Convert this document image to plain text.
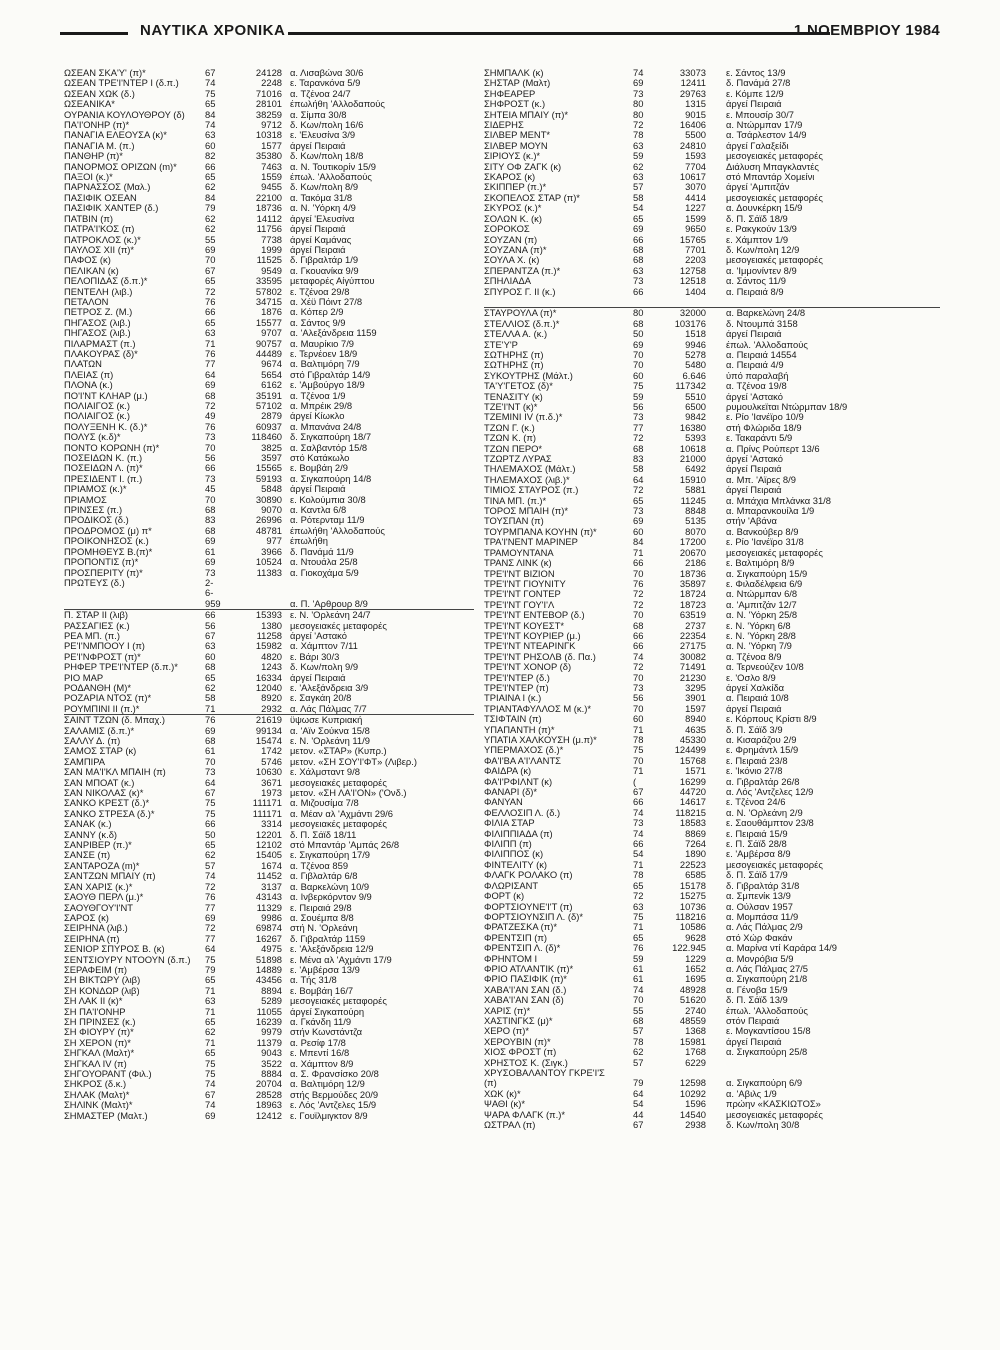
ΝΑΥΤΙΚΑ ΧΡΟΝΙΚΑ	1 ΝΟΕΜΒΡΙΟΥ 1984
ΩΣΕΑΝ ΣΚΑ'Υ' (π)*	67	24128 α. Λισαβώνα 30/6
ΩΣΕΑΝ ΤΡΕ'Ι'ΝΤΕΡ Ι (δ.π.)	74	2248 ε. Ταρανκόνα 5/9
ΩΣΕΑΝ ΧΩΚ (δ.)	75	71016 α. Τζένοα 24/7
ΩΣΕΑΝΙΚΑ*	65	28101 έπωλήθη 'Αλλοδαπούς
ΟΥΡΑΝΙΑ ΚΟΥΛΟΥΘΡΟΥ (δ)	84	38259 α. Σίμπα 30/8
ΠΑ'Ι'ΟΝΗΡ (π)*	74	9712 δ. Κων/πολη 16/6
ΠΑΝΑΓΙΑ ΕΛΕΟΥΣΑ (κ)*	63	10318 ε. 'Ελευσίνα 3/9
ΠΑΝΑΓΙΑ Μ. (π.)	60	1577 άργεί Πειραιά
ΠΑΝΘΗΡ (π)*	82	35380 δ. Κων/πολη 18/8
ΠΑΝΟΡΜΟΣ ΟΡΙΖΩΝ (m)*	66	7463 α. Ν. Τουτικορίν 15/9
ΠΑΞΟΙ (κ.)*	65	1559 έπωλ. 'Αλλοδαπούς
ΠΑΡΝΑΣΣΟΣ (Μαλ.)	62	9455 δ. Κων/πολη 8/9
ΠΑΣΙΦΙΚ ΟΣΕΑΝ	84	22100 α. Τακόμα 31/8
ΠΑΣΙΦΙΚ ΧΑΝΤΕΡ (δ.)	79	18736 α. Ν. 'Υόρκη 4/9
ΠΑΤΒΙΝ (π)	62	14112 άργεί 'Ελευσίνα
ΠΑΤΡΑ'Ι'ΚΟΣ (π)	62	11756 άργεί Πειραιά
ΠΑΤΡΟΚΛΟΣ (κ.)*	55	7738 άργεί Καμάνας
ΠΑΥΛΟΣ ΧΙΙ (π)*	69	1999 άργεί Πειραιά
ΠΑΦΟΣ (κ)	70	11525 δ. Γιβραλτάρ 1/9
ΠΕΛΙΚΑΝ (κ)	67	9549 α. Γκουανίκα 9/9
ΠΕΛΟΠΙΔΑΣ (δ.π.)*	65	33595 μεταφορές Αίγύπτου
ΠΕΝΤΕΛΗ (λιβ.)	72	57802 ε. Τζένοα 29/8
ΠΕΤΑΛΟΝ	76	34715 α. Χέϋ Πόιντ 27/8
ΠΕΤΡΟΣ Ζ. (Μ.)	66	1876 α. Κόπερ 2/9
ΠΗΓΑΣΟΣ (λιβ.)	65	15577 α. Σάντος 9/9
ΠΗΓΑΣΟΣ (λιβ.)	63	9707 α. 'Αλεξάνδρεια 1159
ΠΙΛΑΡΜΑΣΤ (π.)	71	90757 α. Μαυρίκιο 7/9
ΠΛΑΚΟΥΡΑΣ (δ)*	76	44489 ε. Τερνέοεν 18/9
ΠΛΑΤΩΝ	77	9674 α. Βαλτιμόρη 7/9
ΠΛΕΙΑΣ (π)	64	5654 στό Γιβραλτάρ 14/9
ΠΛΟΝΑ (κ.)	69	6162 ε. 'Αμβούργο 18/9
ΠΟ'Ι'ΝΤ ΚΛΗΑΡ (μ.)	68	35191 α. Τζένοα 1/9
ΠΟΛΙΑΙΓΟΣ (κ.)	72	57102 α. Μπρέικ 29/8
ΠΟΛΙΑΙΓΟΣ (κ.)	49	2879 άργεί Κίωκλο
ΠΟΛΥΞΕΝΗ Κ. (δ.)*	76	60937 α. Μπανάνα 24/8
ΠΟΛΥΣ (κ.δ)*	73	118460 δ. Σιγκαπούρη 18/7
ΠΟΝΤΟ ΚΟΡΩΝΗ (π)*	70	3825 α. Σαλβαντόρ 15/8
ΠΟΣΕΙΔΩΝ Κ. (π.)	56	3597 στό Κατάκωλο
ΠΟΣΕΙΔΩΝ Λ. (π)*	66	15565 ε. Βομβάη 2/9
ΠΡΕΣΙΔΕΝΤ Ι. (π.)	73	59193 α. Σιγκαπούρη 14/8
ΠΡΙΑΜΟΣ (κ.)*	45	5848 άργεί Πειραιά
ΠΡΙΑΜΟΣ	70	30890 ε. Κολούμπια 30/8
ΠΡΙΝΣΕΣ (π.)	68	9070 α. Καντλα 6/8
ΠΡΟΔΙΚΟΣ (δ.)	83	26996 α. Ρότερνταμ 11/9
ΠΡΟΔΡΟΜΟΣ (μ) π*	68	48781 έπωλήθη 'Αλλοδαπούς
ΠΡΟΙΚΟΝΗΣΟΣ (κ.)	69	977 έπωλήθη
ΠΡΟΜΗΘΕΥΣ Β.(π)*	61	3966 δ. Πανάμά 11/9
ΠΡΟΠΟΝΤΙΣ (π)*	69	10524 α. Ντουάλα 25/8
ΠΡΟΣΠΕΡΙΤΥ (π)*	73	11383 α. Γιοκοχάμα 5/9
ΠΡΩΤΕΥΣ (δ.)	2-
6-
959	α. Π. 'Αρθρουρ 8/9
Π. ΣΤΑΡ ΙΙ (λιβ)	66	15393 ε. Ν. 'Ορλεάνη 24/7
ΡΑΣΣΑΓΙΕΣ (κ.)	56	1380 μεσογειακές μεταφορές
ΡΕΑ ΜΠ. (π.)	67	11258 άργεί 'Αστακό
ΡΕ'Ι'ΝΜΠΟΟΥ Ι (π)	63	15982 α. Χάμπτον 7/11
ΡΕ'Ι'ΝΦΡΟΣΤ (π)*	60	4820 ε. Βάρι 30/3
ΡΗΦΕΡ ΤΡΕ'Ι'ΝΤΕΡ (δ.π.)*	68	1243 δ. Κων/πολη 9/9
ΡΙΟ ΜΑΡ	65	16334 άργεί Πειραιά
ΡΟΔΑΝΘΗ (Μ)*	62	12040 ε. 'Αλεξάνδρεια 3/9
ΡΟΖΑΡΙΑ ΝΤΟΣ (π)*	58	8920 ε. Σαγκάη 20/8
ΡΟΥΜΠΙΝΙ ΙΙ (π.)*	71	2932 α. Λάς Πάλμας 7/7
ΣΑΙΝΤ ΤΖΩΝ (δ. Μπαχ.)	76	21619 ϋψωσε Κυπριακή
ΣΑΛΑΜΙΣ (δ.π.)*	69	99134 α. 'Αϊν Σούκνα 15/8
ΣΑΛΛΥ Δ. (π)	68	15474 ε. Ν. 'Ορλεάνη 11/9
ΣΑΜΟΣ ΣΤΑΡ (κ)	61	1742 μετον. «ΣΤΑΡ» (Κυπρ.)
ΣΑΜΠΙΡΑ	70	5746 μετον. «ΣΗ ΣΟΥ'Ι'ΦΤ» (Λιβερ.)
ΣΑΝ ΜΑ'Ι'ΚΛ ΜΠΑΙΗ (π)	73	10630 ε. Χάλμσταντ 9/8
ΣΑΝ ΜΠΟΑΤ (κ.)	64	3671 μεσογειακές μεταφορές
ΣΑΝ ΝΙΚΟΛΑΣ (κ)*	67	1973 μετον. «ΣΗ ΛΑ'Ι'ΟΝ» ('Ονδ.)
ΣΑΝΚΟ ΚΡΕΣΤ (δ.)*	75	111171 α. Μιζουσίμα 7/8
ΣΑΝΚΟ ΣΤΡΕΣΑ (δ.)*	75	111171 α. Μέαν αλ 'Αχμάντι 29/6
ΣΑΝΑΚ (κ.)	66	3314 μεσογειακές μεταφορές
ΣΑΝΝΥ (κ.δ)	50	12201 δ. Π. Σάϊδ 18/11
ΣΑΝΡΙΒΕΡ (π.)*	65	12102 στό Μπαντάρ 'Αμπάς 26/8
ΣΑΝΣΕ (π)	62	15405 ε. Σιγκαπούρη 17/9
ΣΑΝΤΑΡΟΖΑ (m)*	57	1674 α. Τζένοα 859
ΣΑΝΤΖΩΝ ΜΠΑΙΥ (π)	74	11452 α. Γιβλαλτάρ 6/8
ΣΑΝ ΧΑΡΙΣ (κ.)*	72	3137 α. Βαρκελώνη 10/9
ΣΑΟΥΘ ΠΕΡΛ (μ.)*	76	43143 α. Ινβερκόρντον 9/9
ΣΑΟΥΘΓΟΥ'Ι'ΝΤ	77	11329 ε. Πειραιά 29/8
ΣΑΡΟΣ (κ)	69	9986 α. Σουέμπα 8/8
ΣΕΙΡΗΝΑ (λιβ.)	72	69874 στή Ν. 'Ορλεάνη
ΣΕΙΡΗΝΑ (π)	77	16267 δ. Γιβραλτάρ 1159
ΣΕΝΙΟΡ ΣΠΥΡΟΣ Β. (κ)	64	4975 ε. 'Αλεξάνδρεια 12/9
ΣΕΝΤΣΙΟΥΡΥ ΝΤΟΟΥΝ (δ.π.)	75	51898 ε. Μένα αλ 'Αχμάντι 17/9
ΣΕΡΑΦΕΙΜ (π)	79	14889 ε. 'Αμβέρσα 13/9
ΣΗ ΒΙΚΤΩΡΥ (λιβ)	65	43456 α. Τής 31/8
ΣΗ ΚΟΝΔΩΡ (λιβ)	71	8894 ε. Βομβάη 16/7
ΣΗ ΛΑΚ ΙΙ (κ)*	63	5289 μεσογειακές μεταφορές
ΣΗ ΠΑ'Ι'ΟΝΗΡ	71	11055 άργεί Σιγκαπούρη
ΣΗ ΠΡΙΝΣΕΣ (κ.)	65	16239 α. Γκάνδη 11/9
ΣΗ ΦΙΟΥΡΥ (π)*	62	9979 στήν Κωνστάντζα
ΣΗ ΧΕΡΟΝ (π)*	71	11379 α. Ρεσίφ 17/8
ΣΗΓΚΑΛ (Μαλτ)*	65	9043 ε. Μπεντί 16/8
ΣΗΓΚΑΛ ΙV (π)	75	3522 α. Χάμπτον 8/9
ΣΗΓΟΥΟΡΑΝΤ (Φιλ.)	75	8884 α. Σ. Φρανσίσκο 20/8
ΣΗΚΡΟΣ (δ.κ.)	74	20704 α. Βαλτιμόρη 12/9
ΣΗΛΑΚ (Μαλτ)*	67	28528 στής Βερμούδες 20/9
ΣΗΛΙΝΚ (Μαλτ)*	74	18963 ε. Λός 'Αντζελες 15/9
ΣΗΜΑΣΤΕΡ (Μαλτ.)	69	12412 ε. Γουϊλμιγκτον 8/9
ΣΗΜΠΑΛΚ (κ)	74	33073 ε. Σάντος 13/9
ΣΗΣΤΑΡ (Μαλτ)	69	12411 δ. Πανάμά 27/8
ΣΗΦΕΑΡΕΡ	73	29763 ε. Κόμπε 12/9
ΣΗΦΡΟΣΤ (κ.)	80	1315 άργεί Πειραιά
ΣΗΤΕΙΑ ΜΠΑΙΥ (π)*	80	9015 ε. Μπουσίρ 30/7
ΣΙΔΕΡΗΣ	72	16406 α. Ντώρμπαν 17/9
ΣΙΛΒΕΡ ΜΕΝΤ*	78	5500 α. Τσάρλεστον 14/9
ΣΙΛΒΕΡ ΜΟΥΝ	63	24810 άργεί Γαλαξείδι
ΣΙΡΙΟΥΣ (κ.)*	59	1593 μεσογειακές μεταφορές
ΣΙΤΥ ΟΦ ΖΑΓΚ (κ)	62	7704 Διάλυση Μπαγκλαντές
ΣΚΑΡΟΣ (κ)	63	10617 στό Μπαντάρ Χομείνι
ΣΚΙΠΠΕΡ (π.)*	57	3070 άργεί 'Αμπιτζάν
ΣΚΟΠΕΛΟΣ ΣΤΑΡ (π)*	58	4414 μεσογειακές μεταφορές
ΣΚΥΡΟΣ (κ.)*	54	1227 α. Δουνκέρκη 15/9
ΣΟΛΩΝ Κ. (κ)	65	1599 δ. Π. Σάϊδ 18/9
ΣΟΡΟΚΟΣ	69	9650 ε. Ρακγκούν 13/9
ΣΟΥΖΑΝ (π)	66	15765 ε. Χάμπτον 1/9
ΣΟΥΖΑΝΑ (π)*	68	7701 δ. Κων/πολη 12/9
ΣΟΥΛΑ Χ. (κ)	68	2203 μεσογειακές μεταφορές
ΣΠΕΡΑΝΤΖΑ (π.)*	63	12758 α. 'Ιμμονίντεν 8/9
ΣΠΗΛΙΑΔΑ	73	12518 α. Σάντος 11/9
ΣΠΥΡΟΣ Γ. ΙΙ (κ.)	66	1404 α. Πειραιά 8/9
ΣΤΑΥΡΟΥΛΑ (π)*	80	32000 α. Βαρκελώνη 24/8
ΣΤΕΛΛΙΟΣ (δ.π.)*	68	103176 δ. Ντουμπά 3158
ΣΤΕΛΛΑ Α. (κ.)	50	1518 άργεί Πειραιά
ΣΤΕ'Υ'Ρ	69	9946 έπωλ. 'Αλλοδαπούς
ΣΩΤΗΡΗΣ (π)	70	5278 α. Πειραιά 14554
ΣΩΤΗΡΗΣ (π)	70	5480 α. Πειραιά 4/9
ΣΥΚΟΥΤΡΗΣ (Μάλτ.)	60	6.646 ύπό παραλαβή
ΤΑ'Υ'ΓΕΤΟΣ (δ)*	75	117342 α. Τζένοα 19/8
ΤΕΝΑΣΙΤΥ (κ)	59	5510 άργεί 'Αστακό
ΤΖΕ'Ι'ΝΤ (κ)*	56	6500 ρυμουλκεϊται Ντώρμπαν 18/9
ΤΖΕΜΙΝΙ IV (π.δ.)*	73	9842 ε. Ρίο 'Ιανέϊρο 10/9
ΤΖΩΝ Γ. (κ.)	77	16380 στή Φλώριδα 18/9
ΤΖΩΝ Κ. (π)	72	5393 ε. Τακαράντι 5/9
ΤΖΩΝ ΠΕΡΟ*	68	10618 α. Πρίνς Ρούπερτ 13/6
ΤΖΩΡΤΖ ΛΥΡΑΣ	83	21000 άργεί 'Αστακό
ΤΗΛΕΜΑΧΟΣ (Μάλτ.)	58	6492 άργεί Πειραιά
ΤΗΛΕΜΑΧΟΣ (λιβ.)*	64	15910 α. Μπ. 'Αϊρες 8/9
ΤΙΜΙΟΣ ΣΤΑΥΡΟΣ (π.)	72	5881 άργεί Πειραιά
ΤΙΝΑ ΜΠ. (π.)*	65	11245 α. Μπάχια Μπλάνκα 31/8
ΤΟΡΟΣ ΜΠΑΙΗ (π)*	73	8848 α. Μπαρανκουίλα 1/9
ΤΟΥΣΠΑΝ (π)	69	5135 στήν 'Αβάνα
ΤΟΥΡΜΠΑΝΑ ΚΟΥΗΝ (π)*	60	8070 α. Βανκούβερ 8/9
ΤΡΑ'Ι'ΝΕΝΤ ΜΑΡΙΝΕΡ	84	17200 ε. Ρίο 'Ιανέϊρο 31/8
ΤΡΑΜΟΥΝΤΑΝΑ	71	20670 μεσογειακές μεταφορές
ΤΡΑΝΣ ΛΙΝΚ (κ)	66	2186 ε. Βαλτιμόρη 8/9
ΤΡΕ'Ι'ΝΤ ΒΙΖΙΟΝ	70	18736 α. Σιγκαπούρη 15/9
ΤΡΕ'Ι'ΝΤ ΓΙΟΥΝΙΤΥ	76	35897 ε. Φιλαδέλφεια 6/9
ΤΡΕ'Ι'ΝΤ ΓΟΝΤΕΡ	72	18724 α. Ντώρμπαν 6/8
ΤΡΕ'Ι'ΝΤ ΓΟΥ'Ι'Λ	72	18723 α. 'Αμπιτζάν 12/7
ΤΡΕ'Ι'ΝΤ ΕΝΤΕΒΟΡ (δ.)	70	63519 α. Ν. 'Υόρκη 25/8
ΤΡΕ'Ι'ΝΤ ΚΟΥΕΣΤ*	68	2737 ε. Ν. 'Υόρκη 6/8
ΤΡΕ'Ι'ΝΤ ΚΟΥΡΙΕΡ (μ.)	66	22354 ε. Ν. 'Υόρκη 28/8
ΤΡΕ'Ι'ΝΤ ΝΤΕΑΡΙΝΓΚ	66	27175 α. Ν. 'Υόρκη 7/9
ΤΡΕ'Ι'ΝΤ ΡΗΣΟΛΒ (δ. Πα.)	74	30082 α. Τζένοα 8/9
ΤΡΕ'Ι'ΝΤ ΧΟΝΟΡ (δ)	72	71491 α. Τερνεούζεν 10/8
ΤΡΕ'Ι'ΝΤΕΡ (δ.)	70	21230 ε. 'Οσλο 8/9
ΤΡΕ'Ι'ΝΤΕΡ (π)	73	3295 άργεί Χαλκίδα
ΤΡΙΑΙΝΑ Ι (κ.)	56	3901 α. Πειραιά 10/8
ΤΡΙΑΝΤΑΦΥΛΛΟΣ Μ (κ.)*	70	1597 άργεί Πειραιά
ΤΣΙΦΤΑΙΝ (π)	60	8940 ε. Κόρπους Κρίστι 8/9
ΥΠΑΠΑΝΤΗ (π)*	71	4635 δ. Π. Σάϊδ 3/9
ΥΠΑΤΙΑ ΧΑΛΚΟΥΣΗ (μ.π)*	78	45330 α. Κισαράζου 2/9
ΥΠΕΡΜΑΧΟΣ (δ.)*	75	124499 ε. Φρημάντλ 15/9
ΦΑ'Ι'ΒΑ Α'Ι'ΛΑΝΤΣ	70	15768 ε. Πειραιά 23/8
ΦΑΙΔΡΑ (κ)	71	1571 ε. 'Ικόνιο 27/8
ΦΑ'Ι'ΡΦΙΛΝΤ (κ)	(	16299 α. Γιβραλτάρ 26/8
ΦΑΝΑΡΙ (δ)*	67	44720 α. Λός 'Αντζελες 12/9
ΦΑΝΥΑΝ	66	14617 ε. Τζένοα 24/6
ΦΕΛΛΟΣΙΠ Λ. (δ.)	74	118215 α. Ν. 'Ορλεάνη 2/9
ΦΙΛΙΑ ΣΤΑΡ	73	18583 ε. Σαουθάμπτον 23/8
ΦΙΛΙΠΠΙΑΔΑ (π)	74	8869 ε. Πειραιά 15/9
ΦΙΛΙΠΠ (π)	66	7264 ε. Π. Σάϊδ 28/8
ΦΙΛΙΠΠΟΣ (κ)	54	1890 ε. 'Αμβέρσα 8/9
ΦΙΝΤΕΛΙΤΥ (κ)	71	22523 μεσογειακές μεταφορές
ΦΛΑΓΚ ΡΟΛΑΚΟ (π)	78	6585 δ. Π. Σάϊδ 17/9
ΦΛΩΡΙΣΑΝΤ	65	15178 δ. Γιβραλτάρ 31/8
ΦΟΡΤ (κ)	72	15275 α. Σμπενίκ 13/9
ΦΟΡΤΣΙΟΥΝΕ'Ι'Τ (π)	63	10736 α. Ούλσαν 1957
ΦΟΡΤΣΙΟΥΝΣΙΠ Λ. (δ)*	75	118216 α. Μομπάσα 11/9
ΦΡΑΤΖΕΣΚΑ (π)*	71	10586 α. Λάς Πάλμας 2/9
ΦΡΕΝΤΣΙΠ (π)	65	9628 στό Χώρ Φακάν
ΦΡΕΝΤΣΙΠ Λ. (δ)*	76	122.945 α. Μαρίνα ντί Καράρα 14/9
ΦΡΗΝΤΟΜ Ι	59	1229 α. Μονρόβια 5/9
ΦΡΙΟ ΑΤΛΑΝΤΙΚ (π)*	61	1652 α. Λάς Πάλμας 27/5
ΦΡΙΟ ΠΑΣΙΦΙΚ (π)*	61	1695 α. Σιγκαπούρη 21/8
ΧΑΒΑ'Ι'ΑΝ ΣΑΝ (δ.)	74	48928 α. Γένοβα 15/9
ΧΑΒΑ'Ι'ΑΝ ΣΑΝ (δ)	70	51620 δ. Π. Σάϊδ 13/9
ΧΑΡΙΣ (π)*	55	2740 έπωλ. 'Αλλοδαπούς
ΧΑΣΤΙΝΓΚΣ (μ)*	68	48559 στόν Πειραιά
ΧΕΡΟ (π)*	57	1368 ε. Μογκαντίσου 15/8
ΧΕΡΟΥΒΙΝ (π)*	78	15981 άργεί Πειραιά
ΧΙΟΣ ΦΡΟΣΤ (π)	62	1768 α. Σιγκαπούρη 25/8
ΧΡΗΣΤΟΣ Κ. (Σιγκ.)	57	6229
ΧΡΥΣΟΒΑΛΑΝΤΟΥ ΓΚΡΕ'Ι'Σ
(π)	79	12598 α. Σιγκαπούρη 6/9
ΧΩΚ (κ)*	64	10292 α. 'Αβιλς 1/9
ΨΑΘΙ (κ)*	54	1596 πρώην «ΚΑΣΚΙΩΤΟΣ»
ΨΑΡΑ ΦΛΑΓΚ (π.)*	44	14540 μεσογειακές μεταφορές
ΩΣΤΡΑΛ (π)	67	2938 δ. Κων/πολη 30/8
